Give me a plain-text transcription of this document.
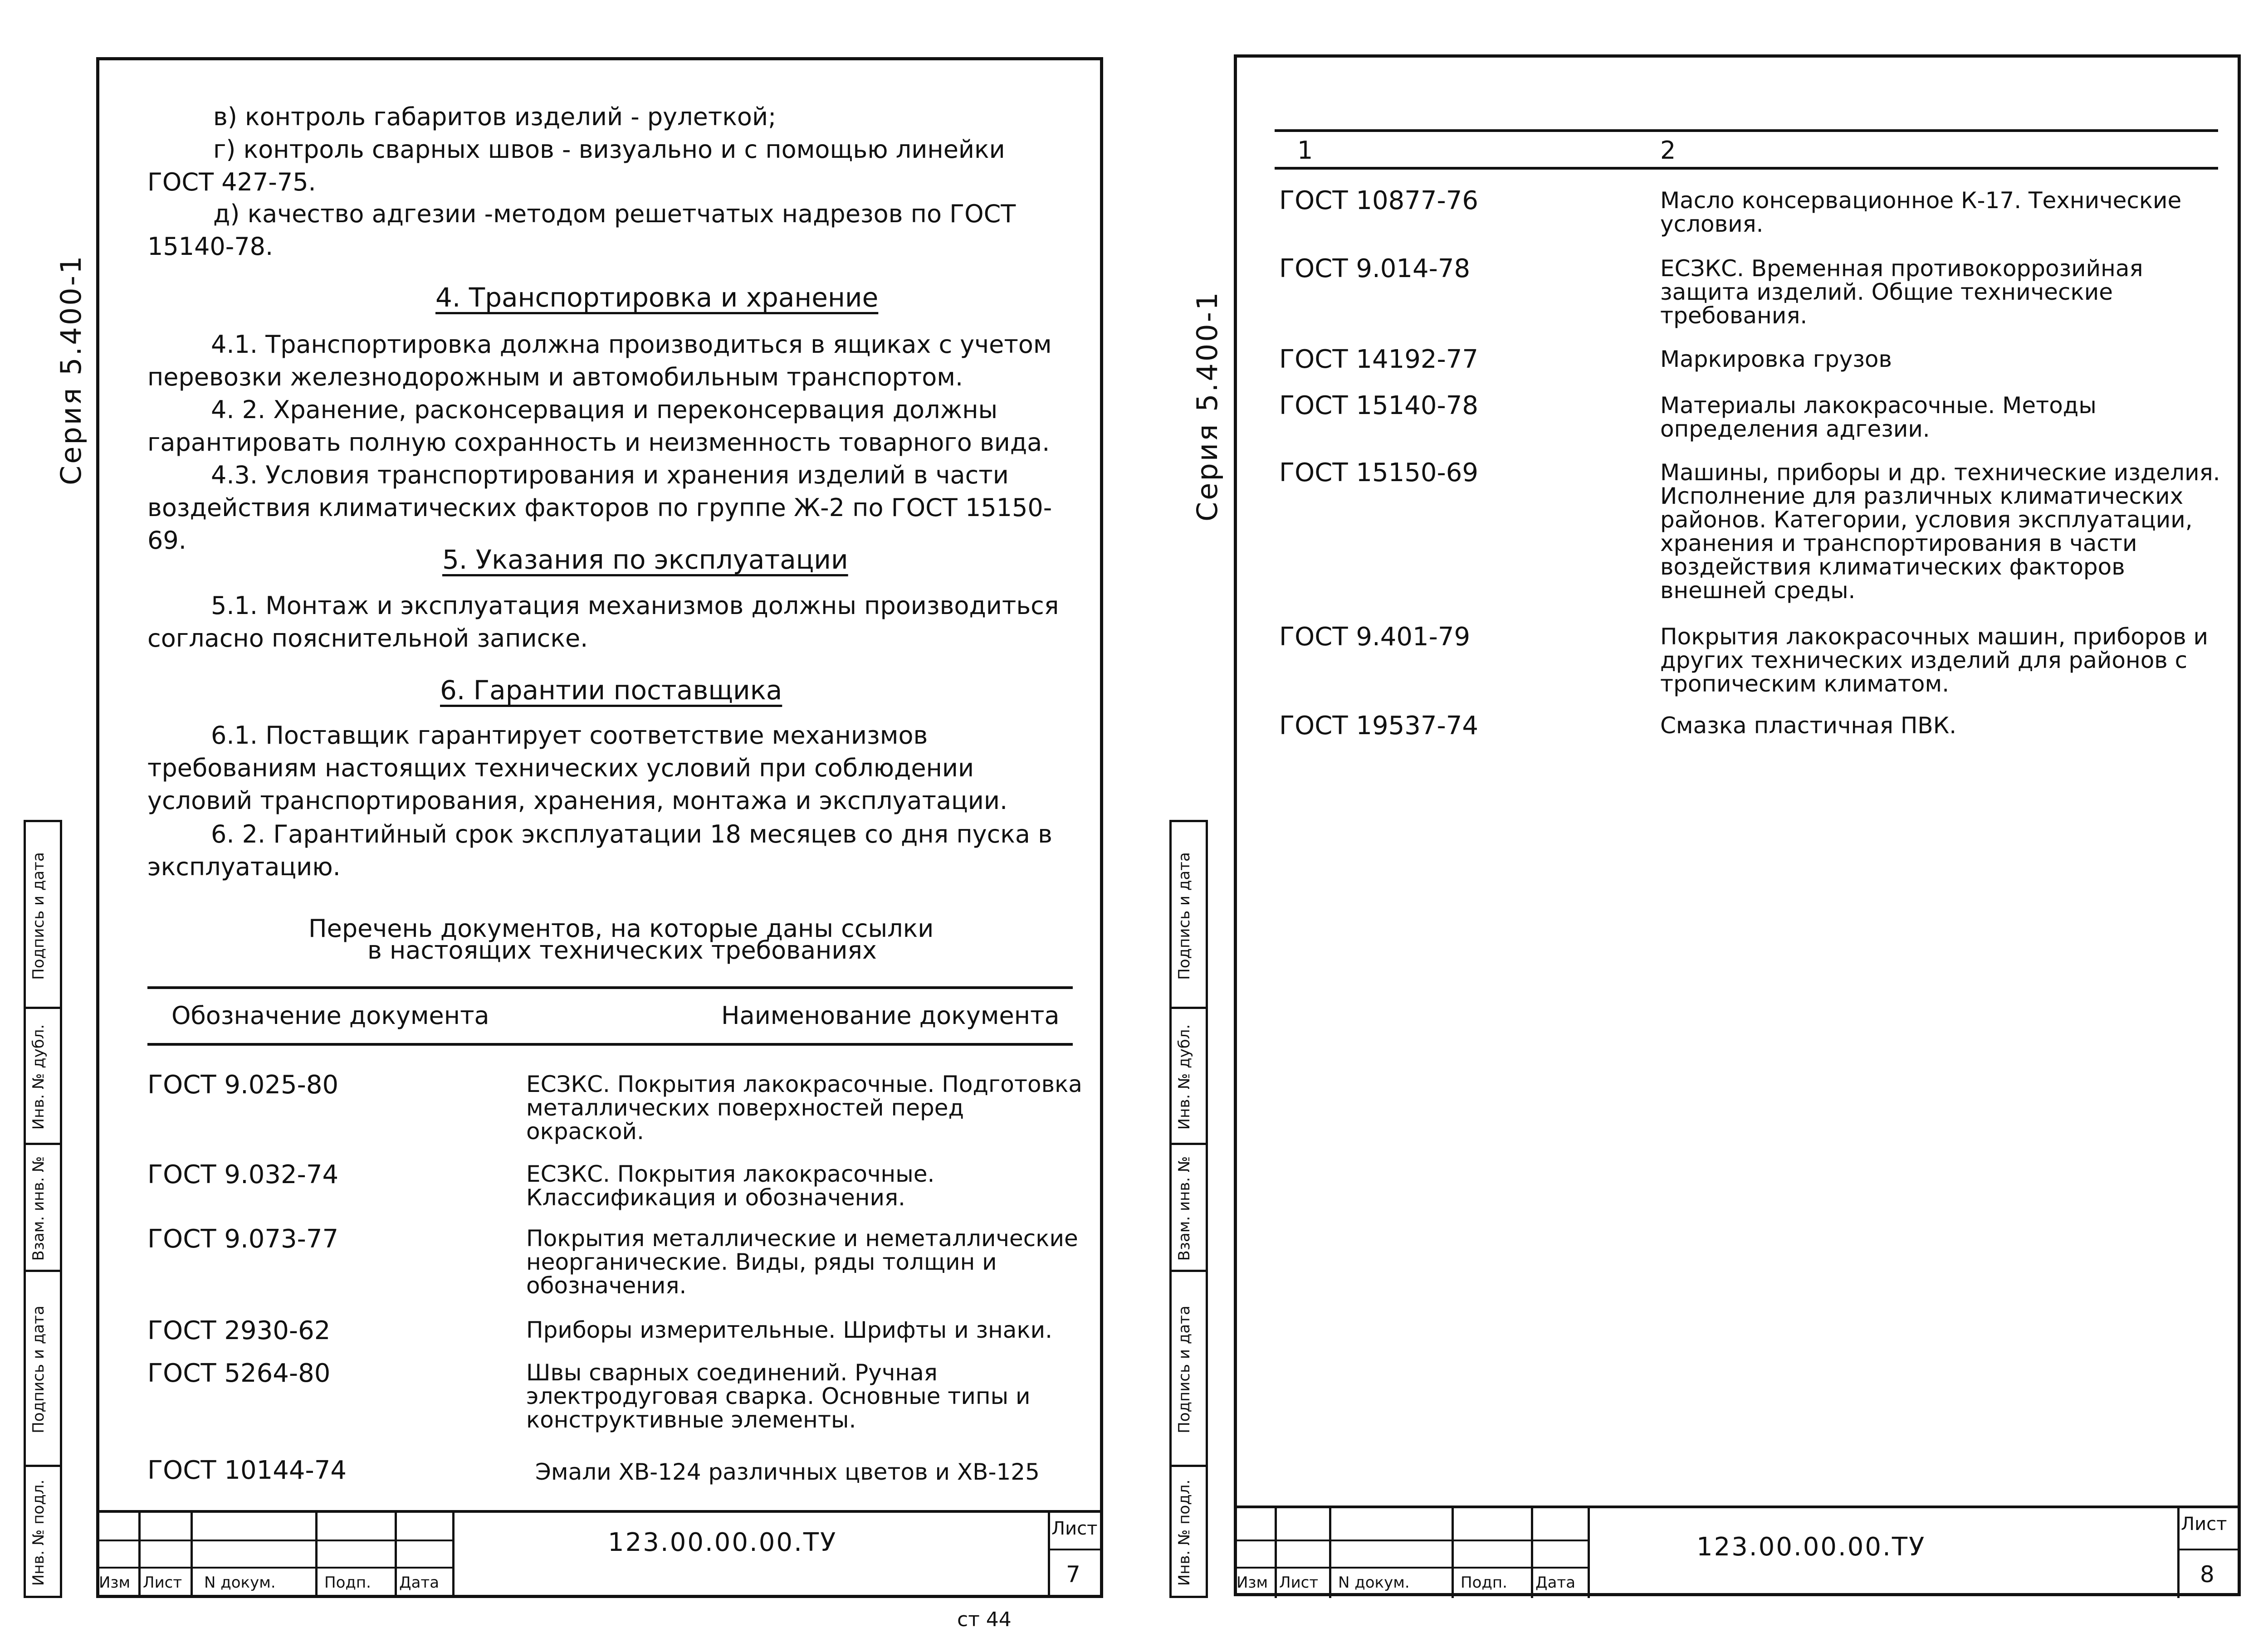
Серия 5.400-1
Подпись и дата
Инв. № дубл.
Взам. инв. №
Подпись и дата
Инв. № подл.
в) контроль габаритов изделий - рулеткой;
г) контроль сварных швов - визуально и с помощью линейки ГОСТ 427-75.
д) качество адгезии -методом решетчатых надрезов по ГОСТ 15140-78.
4. Транспортировка и хранение
4.1. Транспортировка должна производиться в ящиках с учетом перевозки железнодорожным и автомобильным транспортом.
4. 2. Хранение, расконсервация и переконсервация должны гарантировать полную сохранность и неизменность товарного вида.
4.3. Условия транспортирования и хранения изделий в части воздействия климатических факторов по группе Ж-2 по ГОСТ 15150-69.
5. Указания по эксплуатации
5.1. Монтаж и эксплуатация механизмов должны производиться согласно пояснительной записке.
6. Гарантии поставщика
6.1. Поставщик гарантирует соответствие механизмов требованиям настоящих технических условий при соблюдении условий транспортирования, хранения, монтажа и эксплуатации.
6. 2. Гарантийный срок эксплуатации 18 месяцев со дня пуска в эксплуатацию.
Перечень документов, на которые даны ссылки
в настоящих технических требованиях
Обозначение документа	Наименование документа
ГОСТ 9.025-80	ЕСЗКС. Покрытия лакокрасочные. Подготовка металлических поверхностей перед окраской.
ГОСТ 9.032-74	ЕСЗКС. Покрытия лакокрасочные. Классификация и обозначения.
ГОСТ 9.073-77	Покрытия металлические и неметаллические неорганические. Виды, ряды толщин и обозначения.
ГОСТ 2930-62	Приборы измерительные. Шрифты и знаки.
ГОСТ 5264-80	Швы сварных соединений. Ручная электродуговая сварка. Основные типы и конструктивные элементы.
ГОСТ 10144-74	Эмали ХВ-124 различных цветов и ХВ-125
Изм Лист N докум.	Подп. Дата
123.00.00.00.ТУ	Лист
7
ст 44
Серия 5.400-1
Подпись и дата
Инв. № дубл.
Взам. инв. №
Подпись и дата
Инв. № подл.
1	2
ГОСТ 10877-76	Масло консервационное К-17. Технические условия.
ГОСТ 9.014-78	ЕСЗКС. Временная противокоррозийная защита изделий. Общие технические требования.
ГОСТ 14192-77	Маркировка грузов
ГОСТ 15140-78	Материалы лакокрасочные. Методы определения адгезии.
ГОСТ 15150-69	Машины, приборы и др. технические изделия. Исполнение для различных климатических районов. Категории, условия эксплуатации, хранения и транспортирования в части воздействия климатических факторов внешней среды.
ГОСТ 9.401-79	Покрытия лакокрасочных машин, приборов и других технических изделий для районов с тропическим климатом.
ГОСТ 19537-74	Смазка пластичная ПВК.
Изм Лист N докум.	Подп. Дата
123.00.00.00.ТУ
Лист
8
